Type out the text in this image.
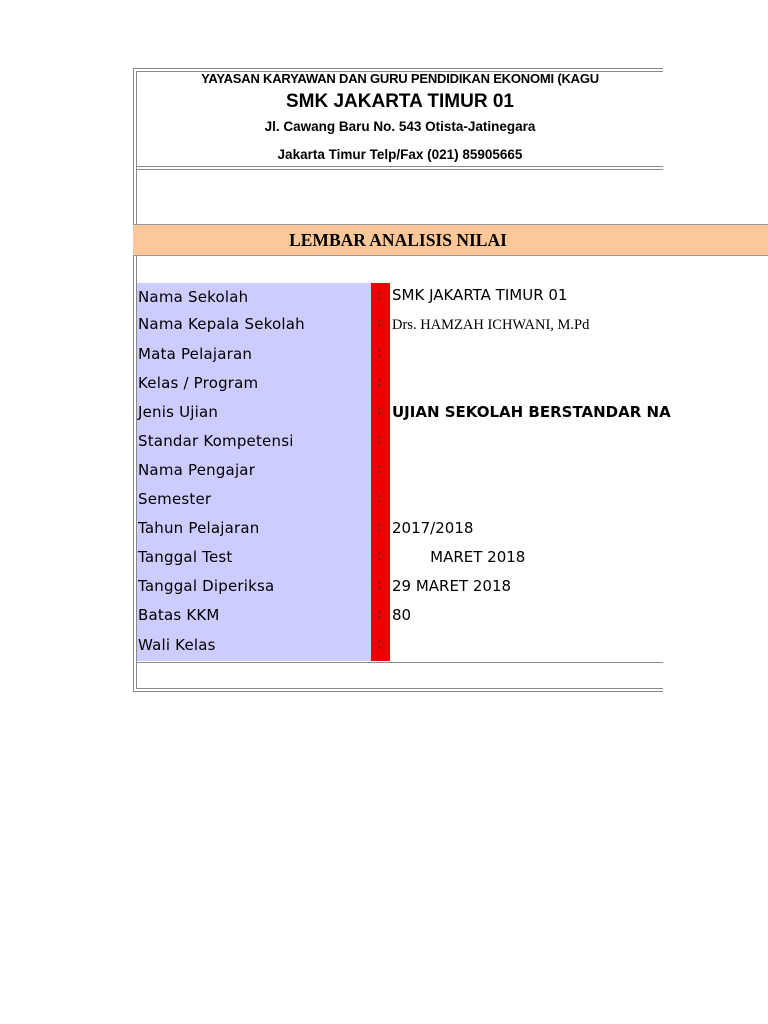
YAYASAN KARYAWAN DAN GURU PENDIDIKAN EKONOMI (KAGU
SMK JAKARTA TIMUR 01
Jl. Cawang Baru No. 543 Otista-Jatinegara
Jakarta Timur Telp/Fax (021) 85905665
LEMBAR ANALISIS NILAI
Nama Sekolah	: SMK JAKARTA TIMUR 01
Nama Kepala Sekolah	: Drs. HAMZAH ICHWANI, M.Pd
Mata Pelajaran	:
Kelas / Program	:
Jenis Ujian	: UJIAN SEKOLAH BERSTANDAR NA
Standar Kompetensi	:
Nama Pengajar	:
Semester	:
Tahun Pelajaran	: 2017/2018
Tanggal Test	: MARET 2018
Tanggal Diperiksa	: 29 MARET 2018
Batas KKM	: 80
Wali Kelas	:
